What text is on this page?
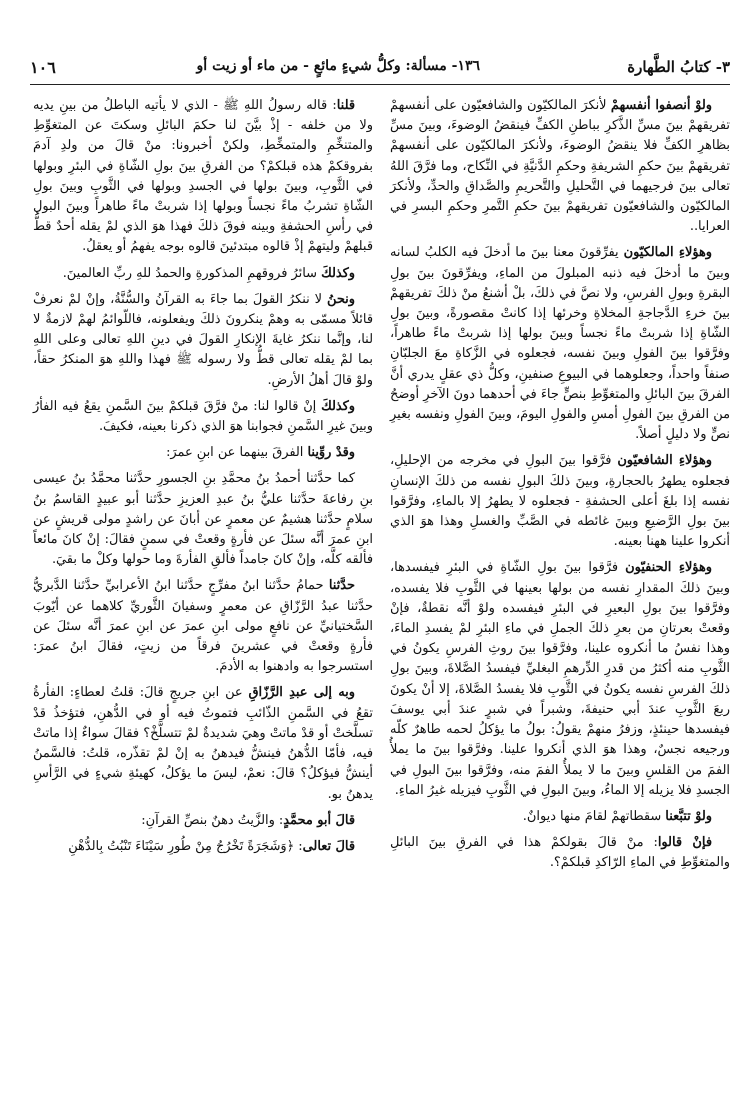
٣- كتابُ الطَّهارة
١٣٦- مسألة: وكلُّ شيءٍ مائعٍ - من ماء أو زيت أو
١٠٦

ولوْ أنصفوا أنفسهمْ لأنكرَ المالكيّون والشافعيّون على أنفسهمْ تفريقهمْ بينَ مسِّ الذَّكرِ بباطنِ الكفِّ فينقضُ الوضوءَ، وبينَ مسِّ بظاهرِ الكفِّ فلا ينقضُ الوضوءَ، ولأنكرَ المالكيّون على أنفسهمْ تفريقهمْ بينَ حكمِ الشريفةِ وحكمِ الدَّنيَّةِ في النِّكاح، وما فرَّقَ اللهُ تعالى بينَ فرجيهما في التَّحليلِ والتَّحريمِ والصَّداقِ والحدِّ، ولأنكرَ المالكيّون والشافعيّون تفريقهمْ بينَ حكمِ التَّمرِ وحكمِ البسرِ في العرايا..

وهؤلاءِ المالكيّون يفرِّقونَ معنا بينَ ما أدخلَ فيه الكلبُ لسانه وبينَ ما أدخلَ فيه ذنبه المبلولَ من الماءِ، ويفرِّقونَ بينَ بولِ البقرةِ وبولِ الفرسِ، ولا نصَّ في ذلكَ، بلْ أشنعُ منْ ذلكَ تفريقهمْ بينَ خرءِ الدَّجاجةِ المخلاةِ وخرئها إذا كانتْ مقصورةً، وبينَ بولِ الشّاةِ إذا شربتْ ماءً نجساً وبينَ بولها إذا شربتْ ماءً طاهراً، وفرَّقوا بينَ الفولِ وبينَ نفسه، فجعلوه في الزَّكاةِ معَ الجلبّانِ صنفاً واحداً، وجعلوهما في البيوعِ صنفينِ، وكلُّ ذي عقلٍ يدري أنَّ الفرقَ بينَ البائلِ والمتغوِّطِ بنصٍّ جاءَ في أحدهما دونَ الآخرِ أوضحُ من الفرقِ بينَ الفولِ أمسِ والفولِ اليومَ، وبينَ الفولِ ونفسه بغيرِ نصٍّ ولا دليلٍ أصلاً.

وهؤلاءِ الشافعيّون فرَّقوا بينَ البولِ في مخرجه من الإحليلِ، فجعلوه يطهرُ بالحجارةِ، وبينَ ذلكَ البولِ نفسه من ذلكَ الإنسانِ نفسه إذا بلغَ أعلى الحشفةِ - فجعلوه لا يطهرُ إلا بالماءِ، وفرَّقوا بينَ بولِ الرَّضيعِ وبينَ غائطه في الصَّبِّ والغسلِ وهذا هوَ الذي أنكروا علينا ههنا بعينه.

وهؤلاءِ الحنفيّون فرَّقوا بينَ بولِ الشّاةِ في البئرِ فيفسدها، وبينَ ذلكَ المقدارِ نفسه من بولها بعينها في الثَّوبِ فلا يفسده، وفرَّقوا بينَ بولِ البعيرِ في البئرِ فيفسده ولوْ أنَّه نقطةٌ، فإنْ وقعتْ بعرتانِ من بعرِ ذلكَ الجملِ في ماءِ البئرِ لمْ يفسدِ الماءَ، وهذا نفسُ ما أنكروه علينا، وفرَّقوا بينَ روثِ الفرسِ يكونُ في الثَّوبِ منه أكثرُ من قدرِ الدِّرهمِ البغليِّ فيفسدُ الصَّلاةَ، وبينَ بولِ ذلكَ الفرسِ نفسه يكونُ في الثَّوبِ فلا يفسدُ الصَّلاةَ، إلا أنْ يكونَ ربعَ الثَّوبِ عندَ أبي حنيفةَ، وشبراً في شبرٍ عندَ أبي يوسفَ فيفسدها حينئذٍ، وزفرُ منهمْ يقولُ: بولُ ما يؤكلُ لحمه طاهرٌ كلّه ورجيعه نجسٌ، وهذا هوَ الذي أنكروا علينا. وفرَّقوا بينَ ما يملأُ الفمَ من القلسِ وبينَ ما لا يملأُ الفمَ منه، وفرَّقوا بينَ البولِ في الجسدِ فلا يزيله إلا الماءُ، وبينَ البولِ في الثَّوبِ فيزيله غيرُ الماءِ.

ولوْ تتبَّعنا سقطاتهمْ لقامَ منها ديوانٌ.

فإنْ قالوا: منْ قالَ بقولكمْ هذا في الفرقِ بينَ البائلِ والمتغوِّطِ في الماءِ الرّاكدِ قبلكمْ؟.

قلنا: قاله رسولُ اللهِ ﷺ - الذي لا يأتيه الباطلُ من بينِ يديه ولا من خلفه - إذْ بيَّنَ لنا حكمَ البائلِ وسكتَ عن المتغوِّطِ والمتنخِّمِ والمتمخِّطِ، ولكنْ أخبرونا: منْ قالَ من ولدِ آدمَ بفروقكمْ هذه قبلكمْ؟ من الفرقِ بينَ بولِ الشّاةِ في البئرِ وبولها في الثَّوبِ، وبينَ بولها في الجسدِ وبولها في الثَّوبِ وبينَ بولِ الشّاةِ تشربُ ماءً نجساً وبولها إذا شربتْ ماءً طاهراً وبينَ البولِ في رأسِ الحشفةِ وبينه فوقَ ذلكَ فهذا هوَ الذي لمْ يقله أحدٌ قطُّ قبلهمْ وليتهمْ إذْ قالوه مبتدئينَ قالوه بوجه يفهمُ أو يعقلُ.

وكذلكَ سائرُ فروقهمِ المذكورةِ والحمدُ للهِ ربِّ العالمينَ.

ونحنُ لا ننكرُ القولَ بما جاءَ به القرآنُ والسُّنَّةُ، وإنْ لمْ نعرفْ قائلاً مسمّى به وهمْ ينكرونَ ذلكَ ويفعلونه، فاللّوائمُ لهمْ لازمةٌ لا لنا، وإنَّما ننكرُ غايةَ الإنكارِ القولَ في دينِ اللهِ تعالى وعلى اللهِ بما لمْ يقله تعالى قطُّ ولا رسوله ﷺ فهذا واللهِ هوَ المنكرُ حقاً، ولوْ قالَ أهلُ الأرضِ.

وكذلكَ إنْ قالوا لنا: منْ فرَّقَ قبلكمْ بينَ السَّمنِ يقعُ فيه الفأرُ وبينَ غيرِ السَّمنِ فجوابنا هوَ الذي ذكرنا بعينه، فكيفَ.

وقدْ روِّينا الفرقَ بينهما عن ابنِ عمرَ:

كما حدَّثنا أحمدُ بنُ محمَّدِ بنِ الجسورِ حدَّثنا محمَّدُ بنُ عيسى بنِ رفاعةَ حدَّثنا عليُّ بنُ عبدِ العزيزِ حدَّثنا أبو عبيدٍ القاسمُ بنُ سلامٍ حدَّثنا هشيمٌ عن معمرٍ عن أبانَ عن راشدٍ مولى قريشٍ عن ابنِ عمرَ أنَّه سئلَ عن فأرةٍ وقعتْ في سمنٍ فقالَ: إنْ كانَ مائعاً فألقه كلَّه، وإنْ كانَ جامداً فألقِ الفأرةَ وما حولها وكلْ ما بقيَ.

حدَّثنا حمامُ حدَّثنا ابنُ مفرِّجٍ حدَّثنا ابنُ الأعرابيِّ حدَّثنا الدَّبريُّ حدَّثنا عبدُ الرَّزّاقِ عن معمرٍ وسفيانَ الثَّوريِّ كلاهما عن أيّوبَ السَّختيانيِّ عن نافعٍ مولى ابنِ عمرَ عن ابنِ عمرَ أنَّه سئلَ عن فأرةٍ وقعتْ في عشرينَ فرقاً من زيتٍ، فقالَ ابنُ عمرَ: استسرجوا به وادهنوا به الأدمَ.

وبه إلى عبدِ الرَّزّاقِ عن ابنِ جريجٍ قالَ: قلتُ لعطاءٍ: الفأرةُ تقعُ في السَّمنِ الذّائبِ فتموتُ فيه أو في الدُّهنِ، فتؤخذُ قدْ تسلَّختْ أو قدْ ماتتْ وهيَ شديدةٌ لمْ تتسلَّخْ؟ فقالَ سواءٌ إذا ماتتْ فيه، فأمّا الدُّهنُ فينشُّ فيدهنُ به إنْ لمْ تقذّره، قلتُ: فالسَّمنُ أينشُّ فيؤكلُ؟ قالَ: نعمْ، ليسَ ما يؤكلُ، كهيئةِ شيءٍ في الرَّأسِ يدهنُ بو.

قالَ أبو محمَّدٍ: والزَّيتُ دهنٌ بنصِّ القرآنِ:

قالَ تعالى: ﴿وَشَجَرَةً تَخْرُجُ مِنْ طُورِ سَيْنَاءَ تَنْبُتُ بِالدُّهْنِ
